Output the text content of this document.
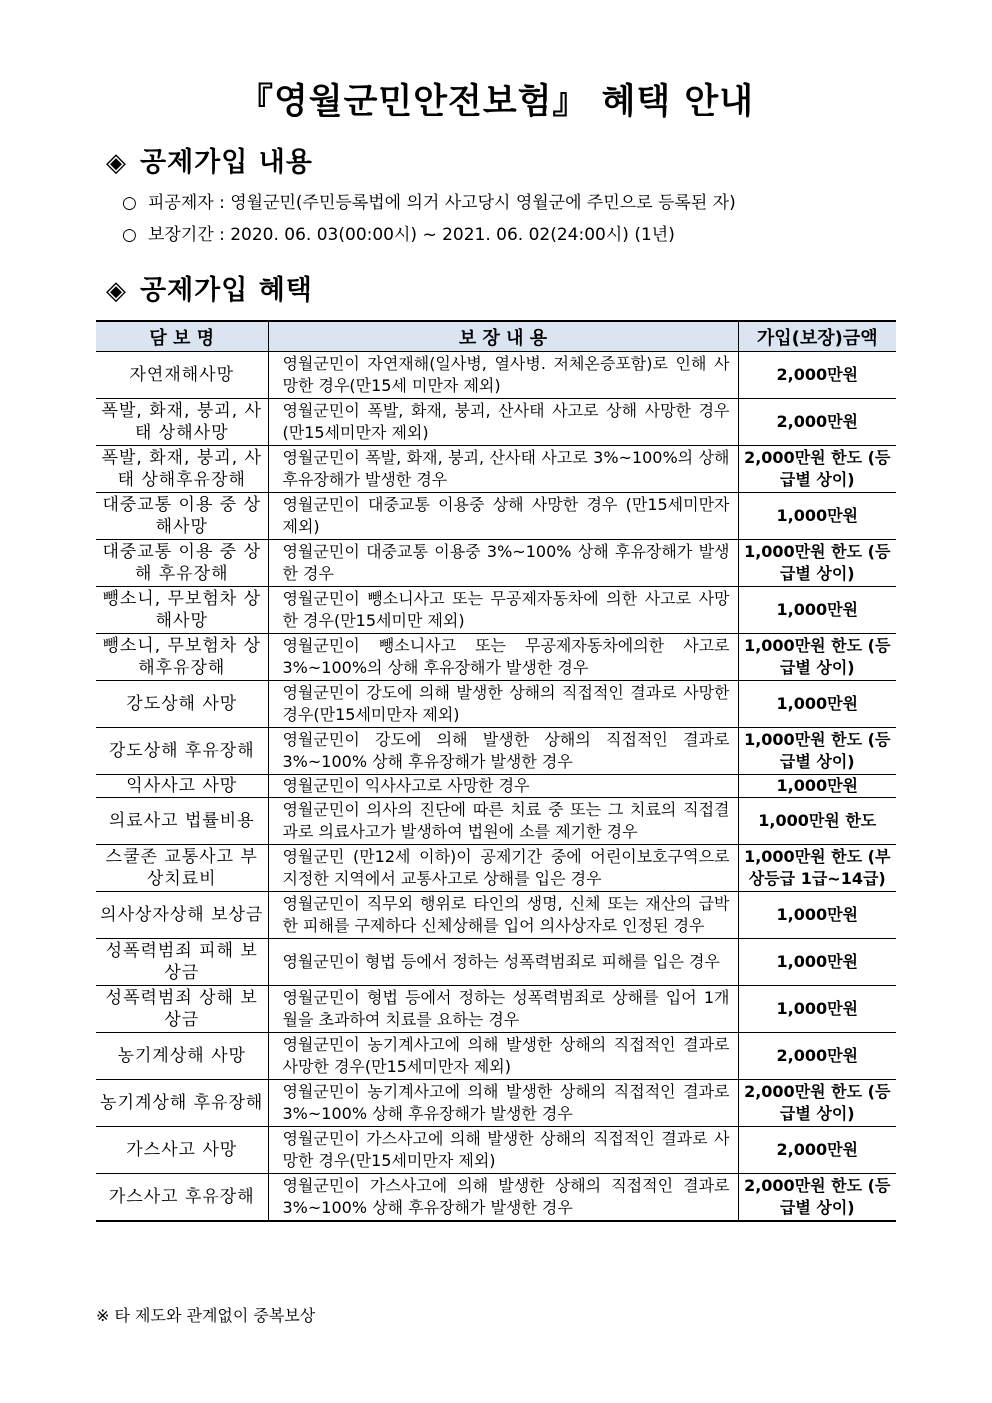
『영월군민안전보험』 혜택 안내
◈ 공제가입 내용
○ 피공제자 : 영월군민(주민등록법에 의거 사고당시 영월군에 주민으로 등록된 자)
○ 보장기간 : 2020. 06. 03(00:00시) ~ 2021. 06. 02(24:00시) (1년)
◈ 공제가입 혜택
담 보 명	보 장 내 용	가입(보장)금액
자연재해사망	영월군민이 자연재해(일사병, 열사병. 저체온증포함)로 인해 사망한 경우(만15세 미만자 제외)	2,000만원
폭발, 화재, 붕괴, 사태 상해사망	영월군민이 폭발, 화재, 붕괴, 산사태 사고로 상해 사망한 경우 (만15세미만자 제외)	2,000만원
폭발, 화재, 붕괴, 사태 상해후유장해	영월군민이 폭발, 화재, 붕괴, 산사태 사고로 3%~100%의 상해 후유장해가 발생한 경우	2,000만원 한도 (등급별 상이)
대중교통 이용 중 상해사망	영월군민이 대중교통 이용중 상해 사망한 경우 (만15세미만자 제외)	1,000만원
대중교통 이용 중 상해 후유장해	영월군민이 대중교통 이용중 3%~100% 상해 후유장해가 발생한 경우	1,000만원 한도 (등급별 상이)
뺑소니, 무보험차 상해사망	영월군민이 뺑소니사고 또는 무공제자동차에 의한 사고로 사망한 경우(만15세미만 제외)	1,000만원
뺑소니, 무보험차 상해후유장해	영월군민이 뺑소니사고 또는 무공제자동차에의한 사고로 3%~100%의 상해 후유장해가 발생한 경우	1,000만원 한도 (등급별 상이)
강도상해 사망	영월군민이 강도에 의해 발생한 상해의 직접적인 결과로 사망한 경우(만15세미만자 제외)	1,000만원
강도상해 후유장해	영월군민이 강도에 의해 발생한 상해의 직접적인 결과로 3%~100% 상해 후유장해가 발생한 경우	1,000만원 한도 (등급별 상이)
익사사고 사망	영월군민이 익사사고로 사망한 경우	1,000만원
의료사고 법률비용	영월군민이 의사의 진단에 따른 치료 중 또는 그 치료의 직접결과로 의료사고가 발생하여 법원에 소를 제기한 경우	1,000만원 한도
스쿨존 교통사고 부상치료비	영월군민 (만12세 이하)이 공제기간 중에 어린이보호구역으로 지정한 지역에서 교통사고로 상해를 입은 경우	1,000만원 한도 (부상등급 1급~14급)
의사상자상해 보상금	영월군민이 직무외 행위로 타인의 생명, 신체 또는 재산의 급박한 피해를 구제하다 신체상해를 입어 의사상자로 인정된 경우	1,000만원
성폭력범죄 피해 보상금	영월군민이 형법 등에서 정하는 성폭력범죄로 피해를 입은 경우	1,000만원
성폭력범죄 상해 보상금	영월군민이 형법 등에서 정하는 성폭력범죄로 상해를 입어 1개월을 초과하여 치료를 요하는 경우	1,000만원
농기계상해 사망	영월군민이 농기계사고에 의해 발생한 상해의 직접적인 결과로 사망한 경우(만15세미만자 제외)	2,000만원
농기계상해 후유장해	영월군민이 농기계사고에 의해 발생한 상해의 직접적인 결과로 3%~100% 상해 후유장해가 발생한 경우	2,000만원 한도 (등급별 상이)
가스사고 사망	영월군민이 가스사고에 의해 발생한 상해의 직접적인 결과로 사망한 경우(만15세미만자 제외)	2,000만원
가스사고 후유장해	영월군민이 가스사고에 의해 발생한 상해의 직접적인 결과로 3%~100% 상해 후유장해가 발생한 경우	2,000만원 한도 (등급별 상이)
※ 타 제도와 관계없이 중복보상
